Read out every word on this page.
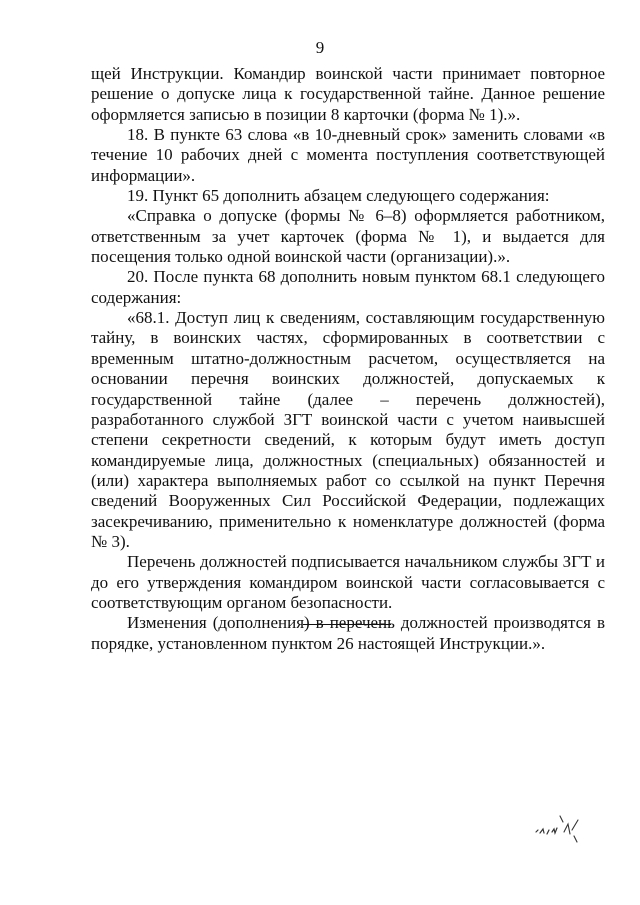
9

щей Инструкции. Командир воинской части принимает повторное решение о допуске лица к государственной тайне. Данное решение оформляется записью в позиции 8 карточки (форма № 1).».

18. В пункте 63 слова «в 10-дневный срок» заменить словами «в течение 10 рабочих дней с момента поступления соответствующей информации».

19. Пункт 65 дополнить абзацем следующего содержания:

«Справка о допуске (формы № 6–8) оформляется работником, ответственным за учет карточек (форма № 1), и выдается для посещения только одной воинской части (организации).».

20. После пункта 68 дополнить новым пунктом 68.1 следующего содержания:

«68.1. Доступ лиц к сведениям, составляющим государственную тайну, в воинских частях, сформированных в соответствии с временным штатно-должностным расчетом, осуществляется на основании перечня воинских должностей, допускаемых к государственной тайне (далее – перечень должностей), разработанного службой ЗГТ воинской части с учетом наивысшей степени секретности сведений, к которым будут иметь доступ командируемые лица, должностных (специальных) обязанностей и (или) характера выполняемых работ со ссылкой на пункт Перечня сведений Вооруженных Сил Российской Федерации, подлежащих засекречиванию, применительно к номенклатуре должностей (форма № 3).

Перечень должностей подписывается начальником службы ЗГТ и до его утверждения командиром воинской части согласовывается с соответствующим органом безопасности.

Изменения (дополнения) в перечень должностей производятся в порядке, установленном пунктом 26 настоящей Инструкции.».
